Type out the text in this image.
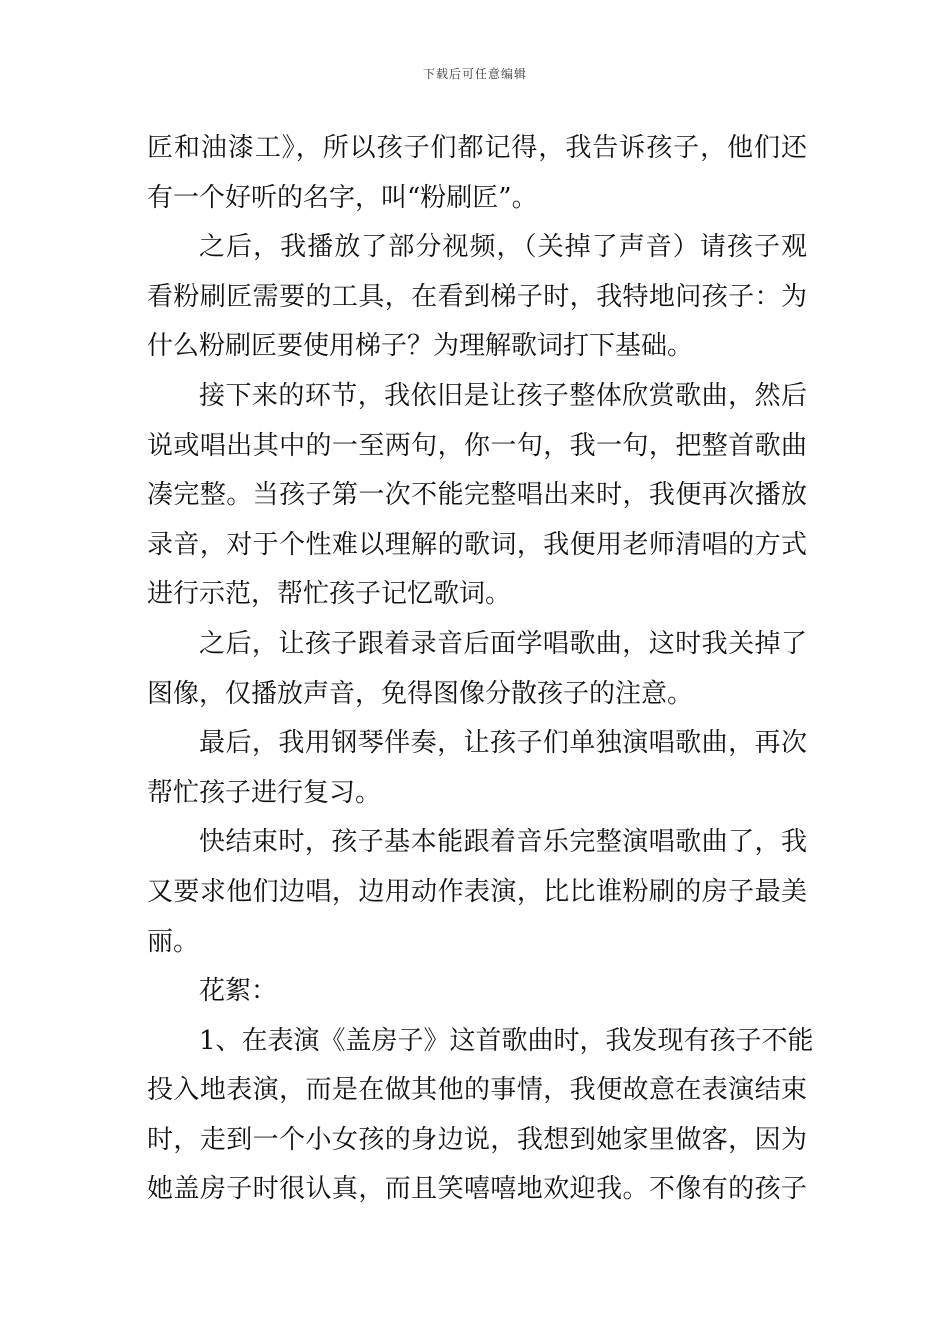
下载后可任意编辑
匠和油漆工》，所以孩子们都记得，我告诉孩子，他们还
有一个好听的名字，叫“粉刷匠”。
之后，我播放了部分视频，（关掉了声音）请孩子观
看粉刷匠需要的工具，在看到梯子时，我特地问孩子：为
什么粉刷匠要使用梯子？为理解歌词打下基础。
接下来的环节，我依旧是让孩子整体欣赏歌曲，然后
说或唱出其中的一至两句，你一句，我一句，把整首歌曲
凑完整。当孩子第一次不能完整唱出来时，我便再次播放
录音，对于个性难以理解的歌词，我便用老师清唱的方式
进行示范，帮忙孩子记忆歌词。
之后，让孩子跟着录音后面学唱歌曲，这时我关掉了
图像，仅播放声音，免得图像分散孩子的注意。
最后，我用钢琴伴奏，让孩子们单独演唱歌曲，再次
帮忙孩子进行复习。
快结束时，孩子基本能跟着音乐完整演唱歌曲了，我
又要求他们边唱，边用动作表演，比比谁粉刷的房子最美
丽。
花絮：
1、在表演《盖房子》这首歌曲时，我发现有孩子不能
投入地表演，而是在做其他的事情，我便故意在表演结束
时，走到一个小女孩的身边说，我想到她家里做客，因为
她盖房子时很认真，而且笑嘻嘻地欢迎我。不像有的孩子
